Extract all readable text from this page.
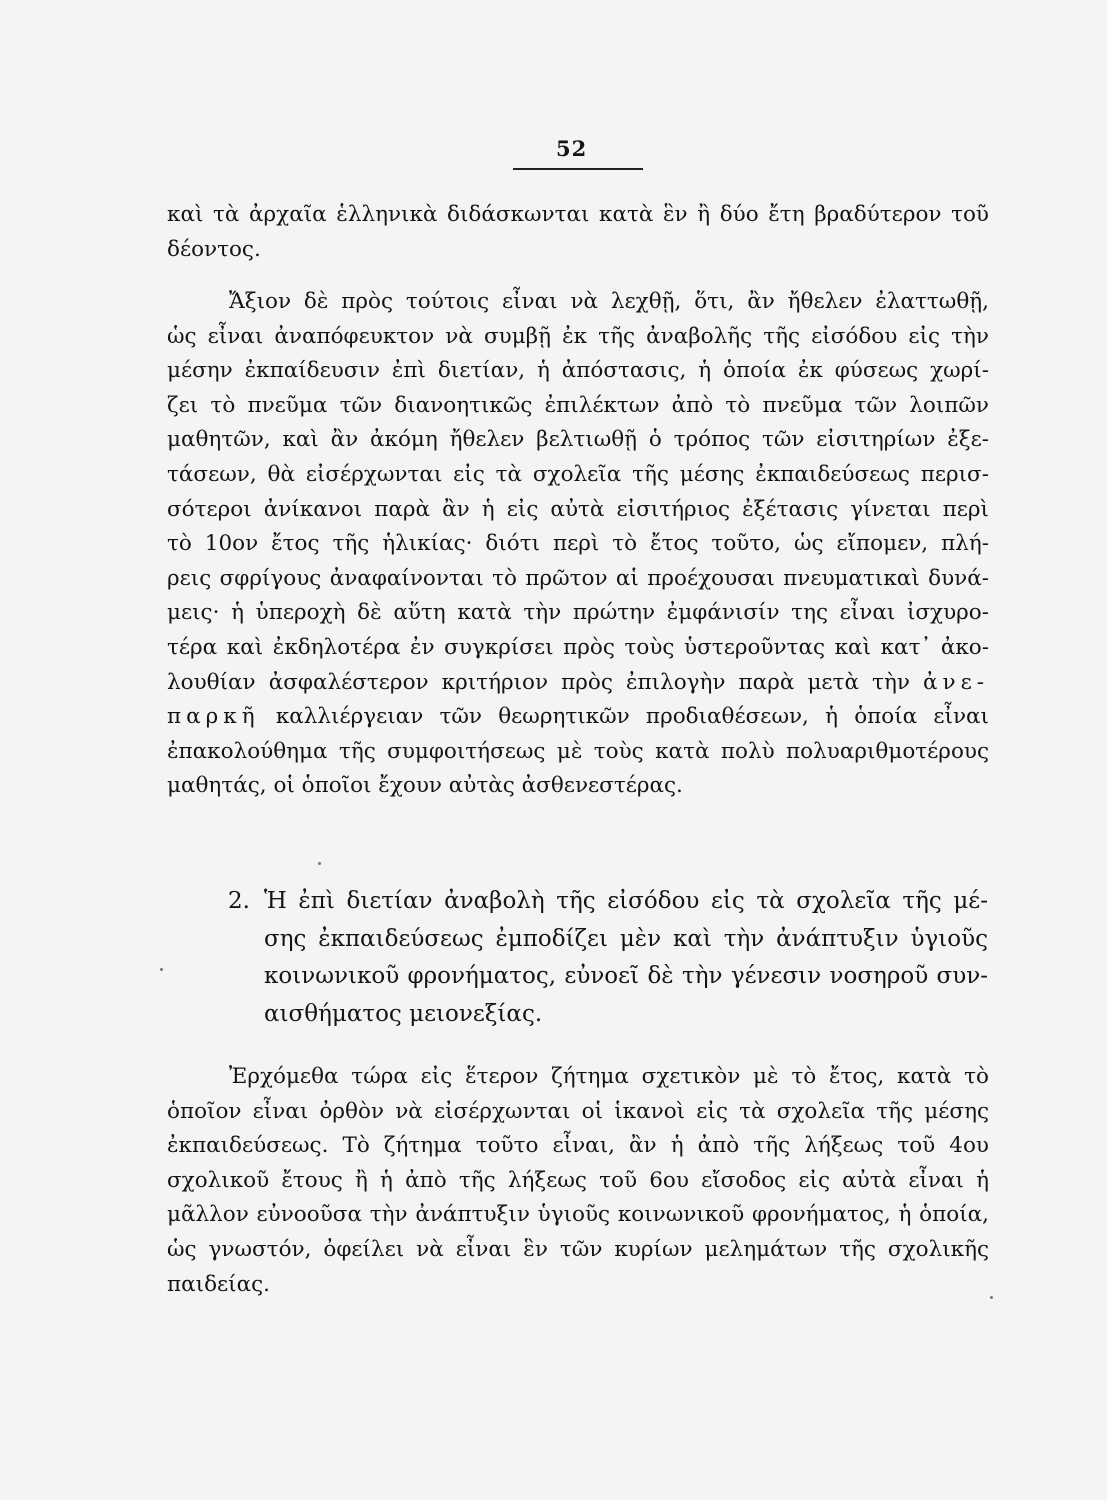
52
καὶ τὰ ἀρχαῖα ἑλληνικὰ διδάσκωνται κατὰ ἓν ἢ δύο ἔτη βραδύτερον τοῦ
δέοντος.
Ἄξιον δὲ πρὸς τούτοις εἶναι νὰ λεχθῇ, ὅτι, ἂν ἤθελεν ἐλαττωθῇ,
ὡς εἶναι ἀναπόφευκτον νὰ συμβῇ ἐκ τῆς ἀναβολῆς τῆς εἰσόδου εἰς τὴν
μέσην ἐκπαίδευσιν ἐπὶ διετίαν, ἡ ἀπόστασις, ἡ ὁποία ἐκ φύσεως χωρί-
ζει τὸ πνεῦμα τῶν διανοητικῶς ἐπιλέκτων ἀπὸ τὸ πνεῦμα τῶν λοιπῶν
μαθητῶν, καὶ ἂν ἀκόμη ἤθελεν βελτιωθῇ ὁ τρόπος τῶν εἰσιτηρίων ἐξε-
τάσεων, θὰ εἰσέρχωνται εἰς τὰ σχολεῖα τῆς μέσης ἐκπαιδεύσεως περισ-
σότεροι ἀνίκανοι παρὰ ἂν ἡ εἰς αὐτὰ εἰσιτήριος ἐξέτασις γίνεται περὶ
τὸ 10ον ἔτος τῆς ἡλικίας· διότι περὶ τὸ ἔτος τοῦτο, ὡς εἴπομεν, πλή-
ρεις σφρίγους ἀναφαίνονται τὸ πρῶτον αἱ προέχουσαι πνευματικαὶ δυνά-
μεις· ἡ ὑπεροχὴ δὲ αὕτη κατὰ τὴν πρώτην ἐμφάνισίν της εἶναι ἰσχυρο-
τέρα καὶ ἐκδηλοτέρα ἐν συγκρίσει πρὸς τοὺς ὑστεροῦντας καὶ κατ᾽ ἀκο-
λουθίαν ἀσφαλέστερον κριτήριον πρὸς ἐπιλογὴν παρὰ μετὰ τὴν ἀνε-
παρκῆ καλλιέργειαν τῶν θεωρητικῶν προδιαθέσεων, ἡ ὁποία εἶναι
ἐπακολούθημα τῆς συμφοιτήσεως μὲ τοὺς κατὰ πολὺ πολυαριθμοτέρους
μαθητάς, οἱ ὁποῖοι ἔχουν αὐτὰς ἀσθενεστέρας.
2. Ἡ ἐπὶ διετίαν ἀναβολὴ τῆς εἰσόδου εἰς τὰ σχολεῖα τῆς μέ-
σης ἐκπαιδεύσεως ἐμποδίζει μὲν καὶ τὴν ἀνάπτυξιν ὑγιοῦς
κοινωνικοῦ φρονήματος, εὐνοεῖ δὲ τὴν γένεσιν νοσηροῦ συν-
αισθήματος μειονεξίας.
Ἐρχόμεθα τώρα εἰς ἕτερον ζήτημα σχετικὸν μὲ τὸ ἔτος, κατὰ τὸ
ὁποῖον εἶναι ὀρθὸν νὰ εἰσέρχωνται οἱ ἱκανοὶ εἰς τὰ σχολεῖα τῆς μέσης
ἐκπαιδεύσεως. Τὸ ζήτημα τοῦτο εἶναι, ἂν ἡ ἀπὸ τῆς λήξεως τοῦ 4ου
σχολικοῦ ἔτους ἢ ἡ ἀπὸ τῆς λήξεως τοῦ 6ου εἴσοδος εἰς αὐτὰ εἶναι ἡ
μᾶλλον εὐνοοῦσα τὴν ἀνάπτυξιν ὑγιοῦς κοινωνικοῦ φρονήματος, ἡ ὁποία,
ὡς γνωστόν, ὀφείλει νὰ εἶναι ἓν τῶν κυρίων μελημάτων τῆς σχολικῆς
παιδείας.
